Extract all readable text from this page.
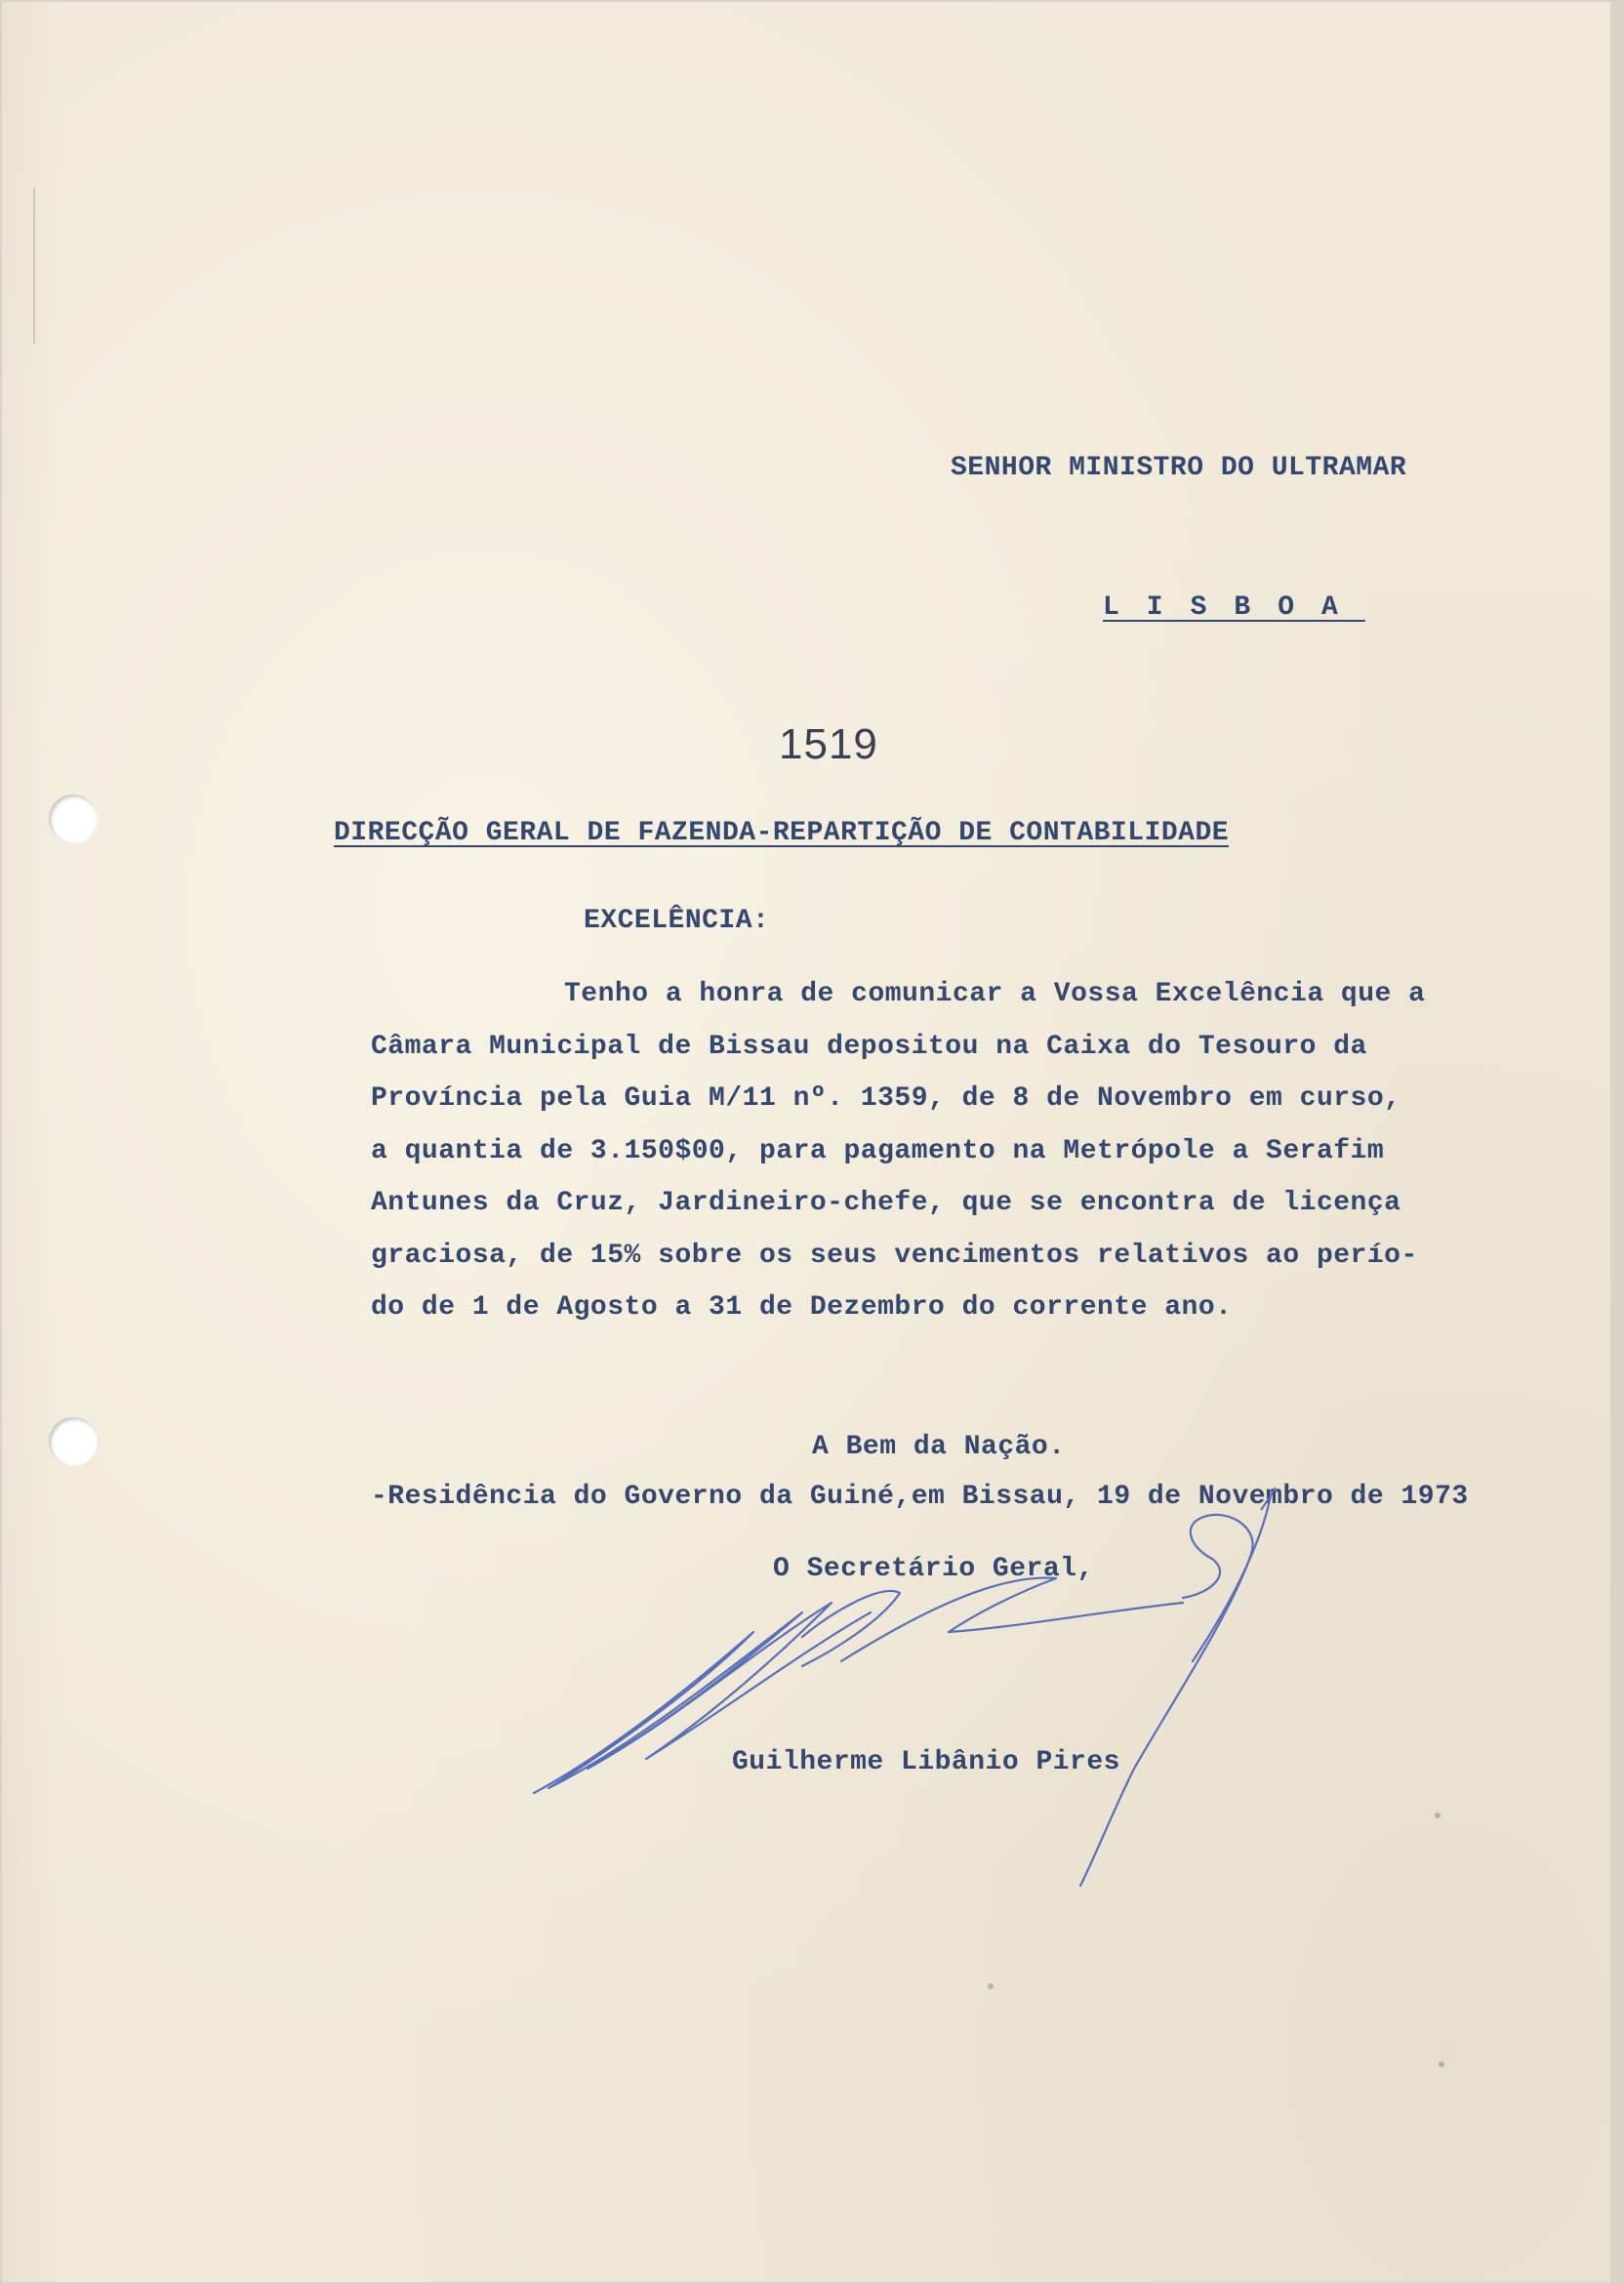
SENHOR MINISTRO DO ULTRAMAR
LISBOA
1519
DIRECÇÃO GERAL DE FAZENDA-REPARTIÇÃO DE CONTABILIDADE
EXCELÊNCIA:
Tenho a honra de comunicar a Vossa Excelência que a
Câmara Municipal de Bissau depositou na Caixa do Tesouro da
Província pela Guia M/11 nº. 1359, de 8 de Novembro em curso,
a quantia de 3.150$00, para pagamento na Metrópole a Serafim
Antunes da Cruz, Jardineiro-chefe, que se encontra de licença
graciosa, de 15% sobre os seus vencimentos relativos ao perío-
do de 1 de Agosto a 31 de Dezembro do corrente ano.
A Bem da Nação.
-Residência do Governo da Guiné,em Bissau, 19 de Novembro de 1973
O Secretário Geral,
Guilherme Libânio Pires
